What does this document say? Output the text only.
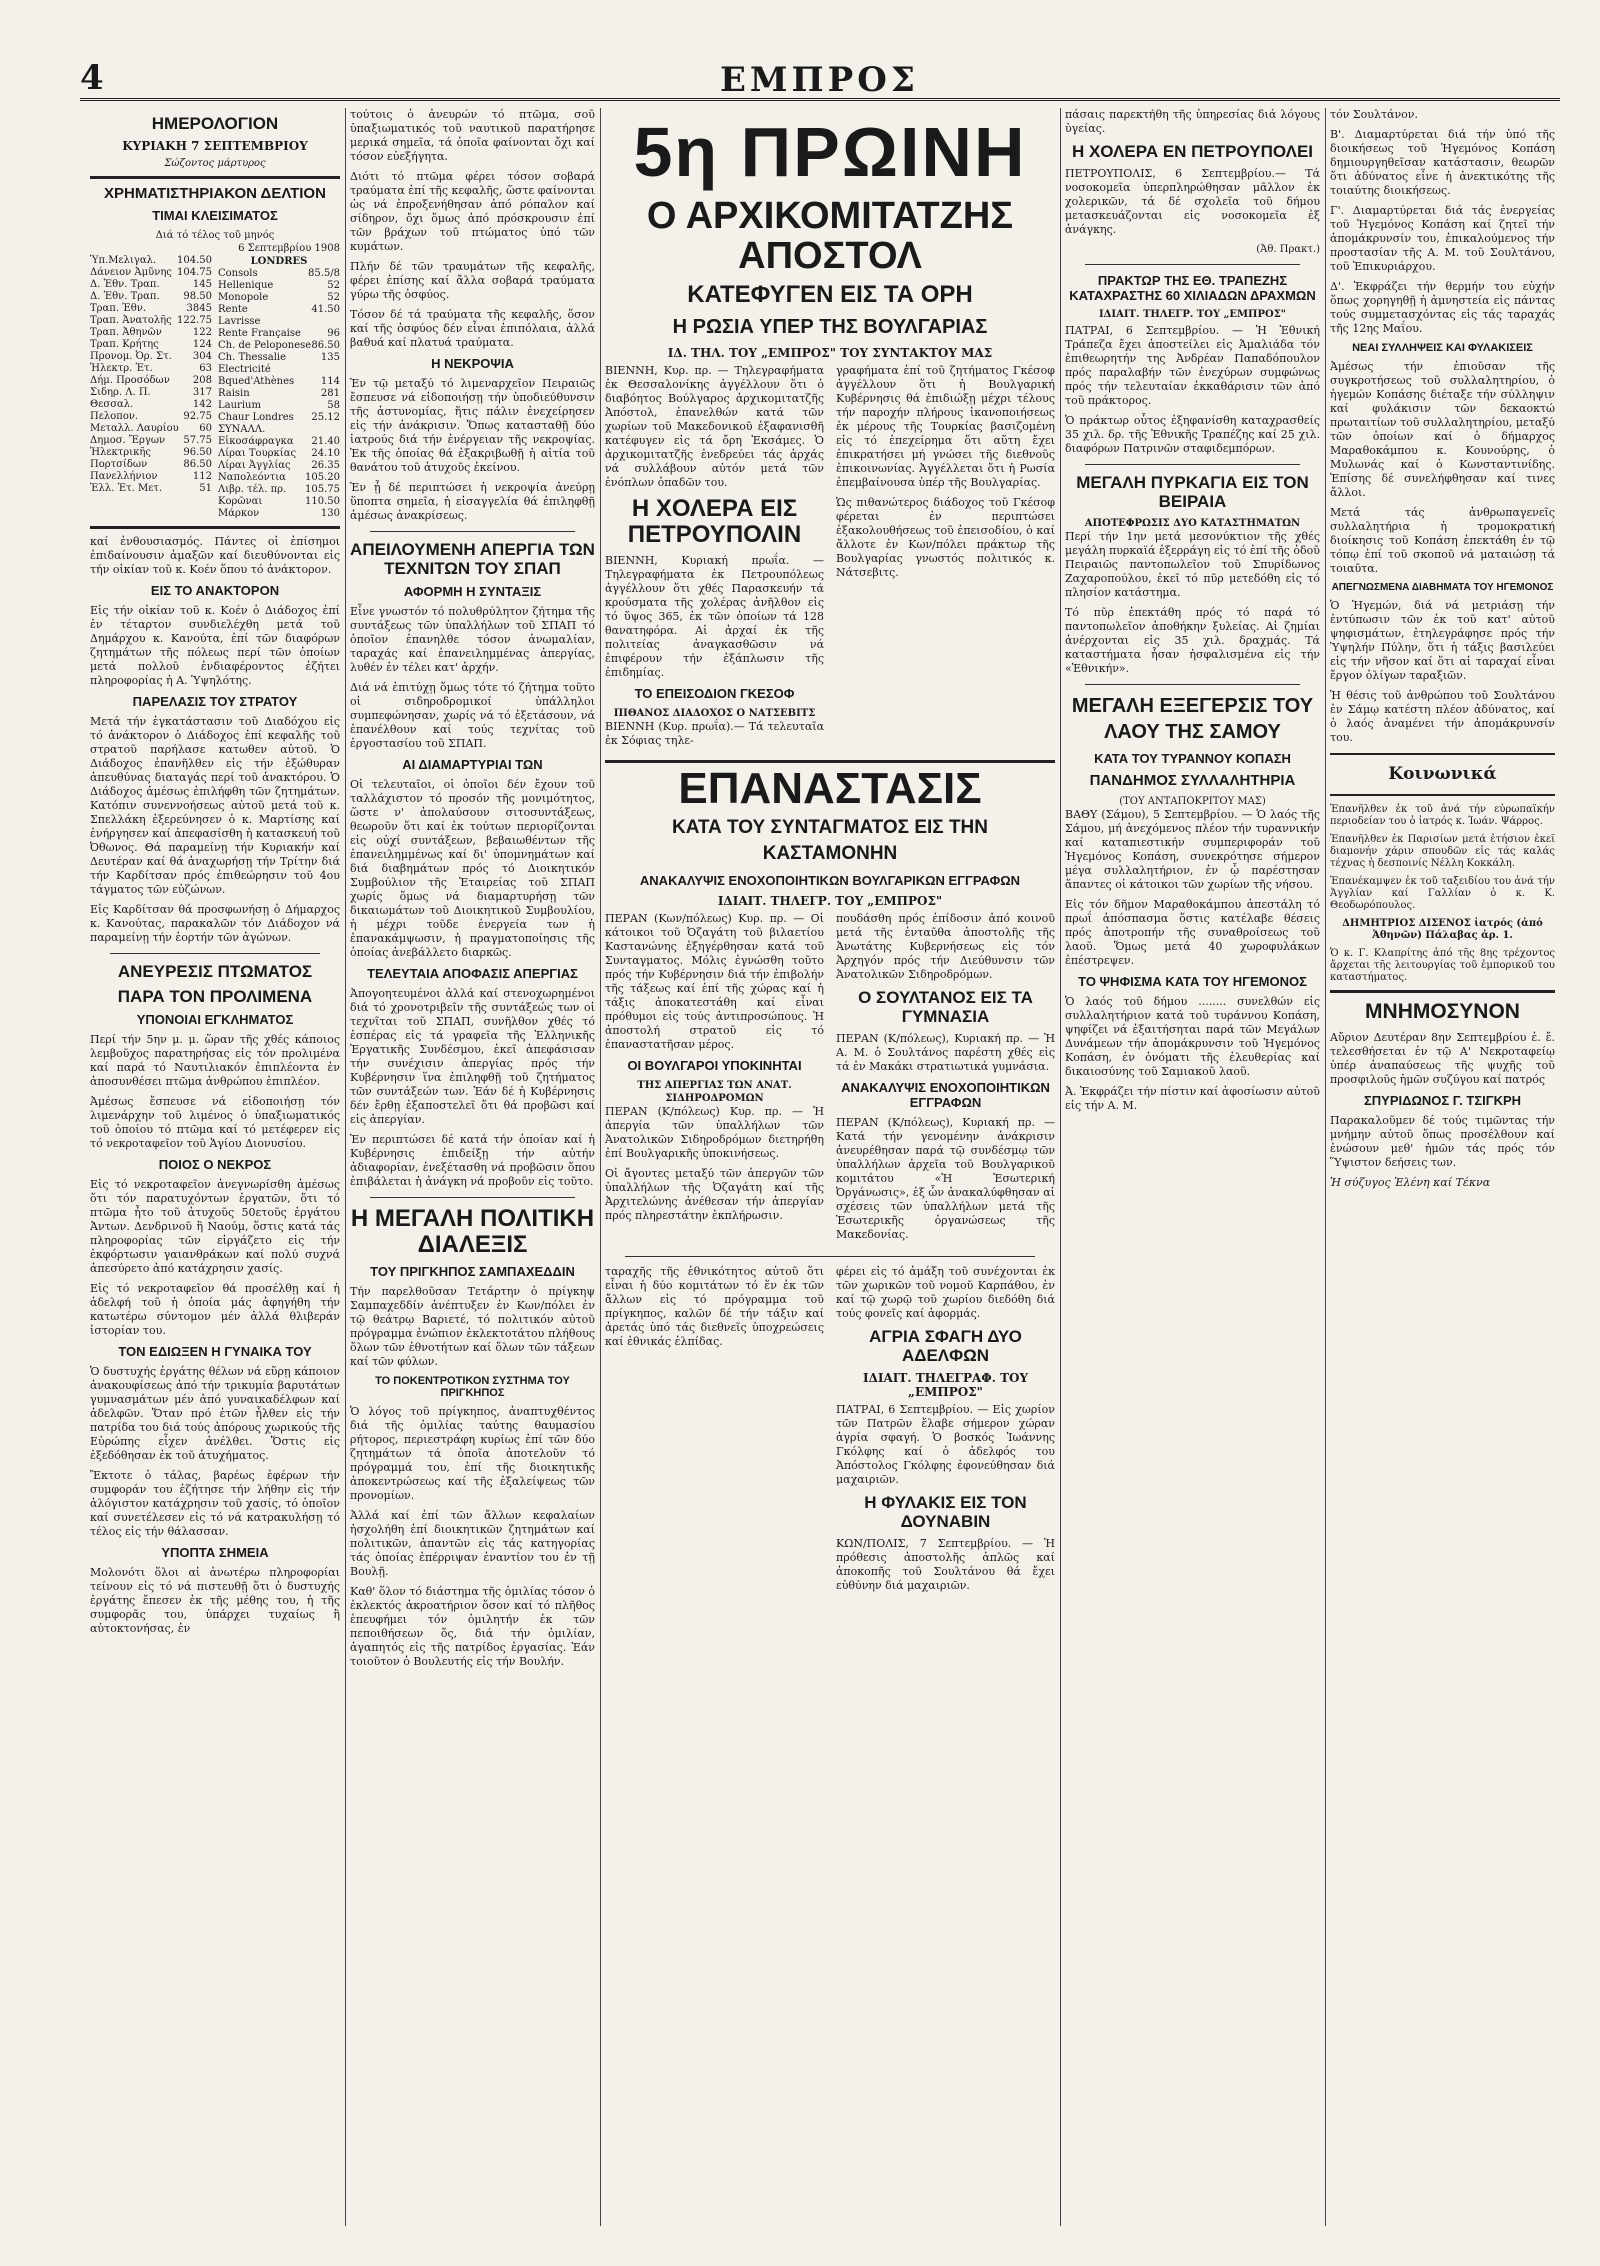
4	ΕΜΠΡΟΣ
ΗΜΕΡΟΛΟΓΙΟΝ
ΚΥΡΙΑΚΗ 7 ΣΕΠΤΕΜΒΡΙΟΥ
Σώζοντος μάρτυρος
ΧΡΗΜΑΤΙΣΤΗΡΙΑΚΟΝ ΔΕΛΤΙΟΝ
ΤΙΜΑΙ ΚΛΕΙΣΙΜΑΤΟΣ
Διά τό τέλος τοῦ μηνός
6 Σεπτεμβρίου 1908
Ὑπ.Μελιγαλ. 104.50
Δάνειον Ἀμῦνης 104.75
Δ. Ἐθν. Τραπ.	145
Δ. Ἐθν. Τραπ. 98.50
Τραπ. Ἐθν.	3845
Τραπ. Ἀνατολῆς 122.75
Τραπ. Ἀθηνῶν	122
Τραπ. Κρήτης	124
Προνομ. Ὀρ. Στ. 304
Ἠλεκτρ. Ἐτ.	63
Δήμ. Προσόδων 208
Σιδηρ. Λ. Π.	317
Θεσσαλ.	142
Πελοπον.	92.75
Μεταλλ. Λαυρίου 60
Δημοσ. Ἔργων 57.75
Ἠλεκτρικῆς	96.50
Πορτσίδων	86.50
Πανελλήνιον	112
Ἐλλ. Ἐτ. Μετ.	51
LONDRES
Consols	85.5/8
Hellenique	52
Monopole	52
Rente	41.50
Lavrisse
Rente Française	96
Ch. de Peloponese 86.50
Ch. Thessalie	135
Electricité
Bqued'Athènes	114
Raisin	281
Laurium	58
Chaur Londres 25.12
ΣΥΝΑΛΛ.
Εἰκοσάφραγκα 21.40
Λίραι Τουρκίας 24.10
Λίραι Ἀγγλίας 26.35
Ναπολεόντια 105.20
Λιβρ. τέλ. πρ. 105.75
Κορῶναι	110.50
Μάρκον	130

καί ἐνθουσιασμός. Πάντες οἱ ἐπίσημοι ἐπιδαίνουσιν ἁμαξῶν καί διευθύνονται εἰς τήν οἰκίαν τοῦ κ. Κοέν ὅπου τό ἀνάκτορον.

ΕΙΣ ΤΟ ΑΝΑΚΤΟΡΟΝ

Εἰς τήν οἰκίαν τοῦ κ. Κοέν ὁ Διάδοχος ἐπί ἐν τέταρτον συνδιελέχθη μετά τοῦ Δημάρχου κ. Κανούτα, ἐπί τῶν διαφόρων ζητημάτων τῆς πόλεως περί τῶν ὁποίων μετά πολλοῦ ἐνδιαφέροντος ἐζήτει πληροφορίας ἡ Α. Ὑψηλότης.

ΠΑΡΕΛΑΣΙΣ ΤΟΥ ΣΤΡΑΤΟΥ

Μετά τήν ἐγκατάστασιν τοῦ Διαδόχου εἰς τό ἀνάκτορον ὁ Διάδοχος ἐπί κεφαλῆς τοῦ στρατοῦ παρήλασε κατωθεν αὐτοῦ. Ὁ Διάδοχος ἐπανῆλθεν εἰς τήν ἐξώθυραν ἀπευθύνας διαταγάς περί τοῦ ἀνακτόρου. Ὁ Διάδοχος ἀμέσως ἐπιλήφθη τῶν ζητημάτων. Κατόπιν συνεννοήσεως αὐτοῦ μετά τοῦ κ. Σπελλάκη ἐξερεύνησεν ὁ κ. Μαρτίσης καί ἐνήργησεν καί ἀπεφασίσθη ἡ κατασκευή τοῦ Ὀθωνος. Θά παραμείνῃ τήν Κυριακήν καί Δευτέραν καί θά ἀναχωρήσῃ τήν Τρίτην διά τήν Καρδίτσαν πρός ἐπιθεώρησιν τοῦ 4ου τάγματος τῶν εὐζώνων.

Εἰς Καρδίτσαν θά προσφωνήσῃ ὁ Δήμαρχος κ. Κανούτας, παρακαλῶν τόν Διάδοχον νά παραμείνῃ τήν ἑορτήν τῶν ἀγώνων.

ΑΝΕΥΡΕΣΙΣ ΠΤΩΜΑΤΟΣ
ΠΑΡΑ ΤΟΝ ΠΡΟΛΙΜΕΝΑ
ΥΠΟΝΟΙΑΙ ΕΓΚΛΗΜΑΤΟΣ

Περί τήν 5ην μ. μ. ὥραν τῆς χθές κάποιος λεμβοῦχος παρατηρήσας εἰς τόν προλιμένα καί παρά τό Ναυτιλιακόν ἐπιπλέοντα ἐν ἀποσυνθέσει πτῶμα ἀνθρώπου ἐπιπλέον.

Ἀμέσως ἔσπευσε νά εἰδοποιήσῃ τόν λιμενάρχην τοῦ λιμένος ὁ ὑπαξιωματικός τοῦ ὁποίου τό πτῶμα καί τό μετέφερεν εἰς τό νεκροταφεῖον τοῦ Ἁγίου Διονυσίου.

ΠΟΙΟΣ Ο ΝΕΚΡΟΣ

Εἰς τό νεκροταφεῖον ἀνεγνωρίσθη ἀμέσως ὅτι τόν παρατυχόντων ἐργατῶν, ὅτι τό πτῶμα ἦτο τοῦ ἀτυχοῦς 50ετοῦς ἐργάτου Ἀντων. Δενδρινοῦ ἢ Ναούμ, ὅστις κατά τάς πληροφορίας τῶν εἰργάζετο εἰς τήν ἐκφόρτωσιν γαιανθράκων καί πολύ συχνά ἀπεσύρετο ἀπό κατάχρησιν χασίς.

Εἰς τό νεκροταφεῖον θά προσέλθῃ καί ἡ ἀδελφή τοῦ ἡ ὁποία μάς ἀφηγήθη τήν κατωτέρω σύντομον μέν ἀλλά θλιβεράν ἱστορίαν του.

ΤΟΝ ΕΔΙΩΞΕΝ Η ΓΥΝΑΙΚΑ ΤΟΥ

Ὁ δυστυχής ἐργάτης θέλων νά εὕρῃ κάποιον ἀνακουφίσεως ἀπό τήν τρικυμία βαρυτάτων γυμνασμάτων μέν ἀπό γυναικαδέλφων καί ἀδελφῶν. Ὅταν πρό ἐτῶν ἦλθεν εἰς τήν πατρίδα του διά τούς ἀπόρους χωρικούς τῆς Εὐρώπης εἶχεν ἀνέλθει. Ὅστις εἰς ἐξεδόθησαν ἐκ τοῦ ἀτυχήματος.

Ἔκτοτε ὁ τάλας, βαρέως ἐφέρων τήν συμφοράν του ἐζήτησε τήν λήθην εἰς τήν ἀλόγιστον κατάχρησιν τοῦ χασίς, τό ὁποῖον καί συνετέλεσεν εἰς τό νά κατρακυλήσῃ τό τέλος εἰς τήν θάλασσαν.

ΥΠΟΠΤΑ ΣΗΜΕΙΑ

Μολονότι ὅλοι αἱ ἀνωτέρω πληροφορίαι τείνουν εἰς τό νά πιστευθῇ ὅτι ὁ δυστυχής ἐργάτης ἔπεσεν ἐκ τῆς μέθης του, ἡ τῆς συμφορᾶς του, ὑπάρχει τυχαίως ἢ αὐτοκτονήσας, ἐν

τούτοις ὁ ἀνευρών τό πτῶμα, σοῦ ὑπαξιωματικός τοῦ ναυτικοῦ παρατήρησε μερικά σημεῖα, τά ὁποῖα φαίνονται ὄχι καί τόσον εὐεξήγητα.

Διότι τό πτῶμα φέρει τόσον σοβαρά τραύματα ἐπί τῆς κεφαλῆς, ὥστε φαίνονται ὡς νά ἐπροξενήθησαν ἀπό ρόπαλον καί σίδηρον, ὄχι ὅμως ἀπό πρόσκρουσιν ἐπί τῶν βράχων τοῦ πτώματος ὑπό τῶν κυμάτων.

Πλήν δέ τῶν τραυμάτων τῆς κεφαλῆς, φέρει ἐπίσης καί ἄλλα σοβαρά τραύματα γύρω τῆς ὀσφύος.

Τόσον δέ τά τραύματα τῆς κεφαλῆς, ὅσον καί τῆς ὀσφύος δέν εἶναι ἐπιπόλαια, ἀλλά βαθυά καί πλατυά τραύματα.

Η ΝΕΚΡΟΨΙΑ

Ἐν τῷ μεταξύ τό λιμεναρχεῖον Πειραιῶς ἔσπευσε νά εἰδοποιήσῃ τήν ὑποδιεύθυνσιν τῆς ἀστυνομίας, ἥτις πάλιν ἐνεχείρησεν εἰς τήν ἀνάκρισιν. Ὅπως κατασταθῇ δύο ἰατρούς διά τήν ἐνέργειαν τῆς νεκροψίας. Ἐκ τῆς ὁποίας θά ἐξακριβωθῇ ἡ αἰτία τοῦ θανάτου τοῦ ἀτυχοῦς ἐκείνου.

Ἐν ᾗ δέ περιπτώσει ἡ νεκροψία ἀνεύρῃ ὕποπτα σημεῖα, ἡ εἰσαγγελία θά ἐπιληφθῇ ἀμέσως ἀνακρίσεως.

ΑΠΕΙΛΟΥΜΕΝΗ ΑΠΕΡΓΙΑ ΤΩΝ ΤΕΧΝΙΤΩΝ ΤΟΥ ΣΠΑΠ
ΑΦΟΡΜΗ Η ΣΥΝΤΑΞΙΣ

Εἶνε γνωστόν τό πολυθρύλητον ζήτημα τῆς συντάξεως τῶν ὑπαλλήλων τοῦ ΣΠΑΠ τό ὁποῖον ἐπανηλθε τόσον ἀνωμαλίαν, ταραχάς καί ἐπανειλημμένας ἀπεργίας, λυθέν ἐν τέλει κατ' ἀρχήν.

Διά νά ἐπιτύχῃ ὅμως τότε τό ζήτημα τοῦτο οἱ σιδηροδρομικοί ὑπάλληλοι συμπεφώνησαν, χωρίς νά τό ἐξετάσουν, νά ἐπανέλθουν καί τούς τεχνίτας τοῦ ἐργοστασίου τοῦ ΣΠΑΠ.

ΑΙ ΔΙΑΜΑΡΤΥΡΙΑΙ ΤΩΝ

Οἱ τελευταῖοι, οἱ ὁποῖοι δέν ἔχουν τοῦ ταλλάχιστον τό προσόν τῆς μονιμότητος, ὥστε ν' ἀπολαύσουν σιτοσυντάξεως, θεωροῦν ὅτι καί ἐκ τούτων περιορίζονται εἰς οὐχί συντάξεων, βεβαιωθέντων τῆς ἐπανειλημμένως καί δι' ὑπομνημάτων καί διά διαβημάτων πρός τό Διοικητικόν Συμβούλιον τῆς Ἑταιρείας τοῦ ΣΠΑΠ χωρίς ὅμως νά διαμαρτυρήσῃ τῶν δικαιωμάτων τοῦ Διοικητικοῦ Συμβουλίου, ἡ μέχρι τοῦδε ἐνεργεία των ἡ ἐπανακάμψωσιν, ἡ πραγματοποίησις τῆς ὁποίας ἀνεβάλλετο διαρκῶς.

ΤΕΛΕΥΤΑΙΑ ΑΠΟΦΑΣΙΣ ΑΠΕΡΓΙΑΣ

Ἀπογοητευμένοι ἀλλά καί στενοχωρημένοι διά τό χρονοτριβεῖν τῆς συντάξεώς των οἱ τεχνῖται τοῦ ΣΠΑΠ, συνῆλθον χθές τό ἑσπέρας εἰς τά γραφεῖα τῆς Ἐλληνικῆς Ἐργατικῆς Συνδέσμου, ἐκεῖ ἀπεφάσισαν τήν συνέχισιν ἀπεργίας πρός τήν Κυβέρνησιν ἵνα ἐπιληφθῇ τοῦ ζητήματος τῶν συντάξεών των. Ἐάν δέ ἡ Κυβέρνησις δέν ἔρθῃ ἐξαποστελεῖ ὅτι θά προβῶσι καί εἰς ἀπεργίαν.

Ἐν περιπτώσει δέ κατά τήν ὁποίαν καί ἡ Κυβέρνησις ἐπιδείξῃ τήν αὐτήν ἀδιαφορίαν, ἐνεξέτασθη νά προβῶσιν ὅπου ἐπιβάλεται ἡ ἀνάγκη νά προβοῦν εἰς τοῦτο.

Η ΜΕΓΑΛΗ ΠΟΛΙΤΙΚΗ ΔΙΑΛΕΞΙΣ
ΤΟΥ ΠΡΙΓΚΗΠΟΣ ΣΑΜΠΑΧΕΔΔΙΝ

Τήν παρελθοῦσαν Τετάρτην ὁ πρίγκηψ Σαμπαχεδδίν ἀνέπτυξεν ἐν Κων/πόλει ἐν τῷ θεάτρῳ Βαριετέ, τό πολιτικόν αὐτοῦ πρόγραμμα ἐνώπιον ἐκλεκτοτάτου πλήθους ὅλων τῶν ἐθνοτήτων καί ὅλων τῶν τάξεων καί τῶν φύλων.

ΤΟ ΠΟΚΕΝΤΡΟΤΙΚΟΝ ΣΥΣΤΗΜΑ ΤΟΥ ΠΡΙΓΚΗΠΟΣ

Ὁ λόγος τοῦ πρίγκηπος, ἀναπτυχθέντος διά τῆς ὁμιλίας ταύτης θαυμασίου ρήτορος, περιεστράφη κυρίως ἐπί τῶν δύο ζητημάτων τά ὁποῖα ἀποτελοῦν τό πρόγραμμά του, ἐπί τῆς διοικητικῆς ἀποκεντρώσεως καί τῆς ἐξαλείψεως τῶν προνομίων.

Ἀλλά καί ἐπί τῶν ἄλλων κεφαλαίων ἠσχολήθη ἐπί διοικητικῶν ζητημάτων καί πολιτικῶν, ἀπαντῶν εἰς τάς κατηγορίας τάς ὁποίας ἐπέρριψαν ἐναντίον του ἐν τῇ Βουλῇ.

Καθ' ὅλον τό διάστημα τῆς ὁμιλίας τόσον ὁ ἐκλεκτός ἀκροατήριον ὅσον καί τό πλῆθος ἐπευφήμει τόν ὁμιλητήν ἐκ τῶν πεποιθήσεων ὅς, διά τήν ὁμιλίαν, ἀγαπητός εἰς τῆς πατρίδος ἐργασίας. Ἐάν τοιοῦτον ὁ Βουλευτής εἰς τήν Βουλήν.

5η ΠΡΩΙΝΗ
Ο ΑΡΧΙΚΟΜΙΤΑΤΖΗΣ ΑΠΟΣΤΟΛ
ΚΑΤΕΦΥΓΕΝ ΕΙΣ ΤΑ ΟΡΗ
Η ΡΩΣΙΑ ΥΠΕΡ ΤΗΣ ΒΟΥΛΓΑΡΙΑΣ
ΙΔ. ΤΗΛ. ΤΟΥ „ΕΜΠΡΟΣ" ΤΟΥ ΣΥΝΤΑΚΤΟΥ ΜΑΣ

ΒΙΕΝΝΗ, Κυρ. πρ. — Τηλεγραφήματα ἐκ Θεσσαλονίκης ἀγγέλλουν ὅτι ὁ διαβόητος Βούλγαρος ἀρχικομιτατζῆς Ἀπόστολ, ἐπανελθών κατά τῶν χωρίων τοῦ Μακεδονικοῦ ἐξαφανισθῆ κατέφυγεν εἰς τά ὄρη Ἐκσάμες. Ὁ ἀρχικομιτατζῆς ἐνεδρεύει τάς ἀρχάς νά συλλάβουν αὐτόν μετά τῶν ἐνόπλων ὀπαδῶν του.

Η ΧΟΛΕΡΑ ΕΙΣ ΠΕΤΡΟΥΠΟΛΙΝ

ΒΙΕΝΝΗ, Κυριακή πρωΐα. — Τηλεγραφήματα ἐκ Πετρουπόλεως ἀγγέλλουν ὅτι χθές Παρασκευήν τά κρούσματα τῆς χολέρας ἀνῆλθον εἰς τό ὕψος 365, ἐκ τῶν ὁποίων τά 128 θανατηφόρα. Αἱ ἀρχαί ἐκ τῆς πολιτείας ἀναγκασθῶσιν νά ἐπιφέρουν τήν ἐξάπλωσιν τῆς ἐπιδημίας.

ΤΟ ΕΠΕΙΣΟΔΙΟΝ ΓΚΕΣΟΦ
ΠΙΘΑΝΟΣ ΔΙΑΔΟΧΟΣ Ο ΝΑΤΣΕΒΙΤΣ

ΒΙΕΝΝΗ (Κυρ. πρωΐα).— Τά τελευταῖα ἐκ Σόφιας τηλε-

γραφήματα ἐπί τοῦ ζητήματος Γκέσοφ ἀγγέλλουν ὅτι ἡ Βουλγαρική Κυβέρνησις θά ἐπιδιώξῃ μέχρι τέλους τήν παροχήν πλήρους ἱκανοποιήσεως ἐκ μέρους τῆς Τουρκίας βασιζομένη εἰς τό ἐπεχείρημα ὅτι αὕτη ἔχει ἐπικρατήσει μή γνώσει τῆς διεθνοῦς ἐπικοινωνίας. Ἀγγέλλεται ὅτι ἡ Ρωσία ἐπεμβαίνουσα ὑπέρ τῆς Βουλγαρίας.

Ὡς πιθανώτερος διάδοχος τοῦ Γκέσοφ φέρεται ἐν περιπτώσει ἐξακολουθήσεως τοῦ ἐπεισοδίου, ὁ καί ἄλλοτε ἐν Κων/πόλει πράκτωρ τῆς Βουλγαρίας γνωστός πολιτικός κ. Νάτσεβιτς.

ΕΠΑΝΑΣΤΑΣΙΣ
ΚΑΤΑ ΤΟΥ ΣΥΝΤΑΓΜΑΤΟΣ ΕΙΣ ΤΗΝ ΚΑΣΤΑΜΟΝΗΝ
ΑΝΑΚΑΛΥΨΙΣ ΕΝΟΧΟΠΟΙΗΤΙΚΩΝ ΒΟΥΛΓΑΡΙΚΩΝ ΕΓΓΡΑΦΩΝ
ΙΔΙΑΙΤ. ΤΗΛΕΓΡ. ΤΟΥ „ΕΜΠΡΟΣ"

ΠΕΡΑΝ (Κων/πόλεως) Κυρ. πρ. — Οἱ κάτοικοι τοῦ Ὀζαγάτη τοῦ βιλαετίου Καστανώνης ἐξηγέρθησαν κατά τοῦ Συνταγματος. Μόλις ἐγνώσθη τοῦτο πρός τήν Κυβέρνησιν διά τήν ἐπιβολήν τῆς τάξεως καί ἐπί τῆς χώρας καί ἡ τάξις ἀποκατεστάθη καί εἶναι πρόθυμοι εἰς τούς ἀντιπροσώπους. Ἡ ἀποστολή στρατοῦ εἰς τό ἐπαναστατῆσαν μέρος.

ΟΙ ΒΟΥΛΓΑΡΟΙ ΥΠΟΚΙΝΗΤΑΙ
ΤΗΣ ΑΠΕΡΓΙΑΣ ΤΩΝ ΑΝΑΤ. ΣΙΔΗΡΟΔΡΟΜΩΝ

ΠΕΡΑΝ (Κ/πόλεως) Κυρ. πρ. — Ἡ ἀπεργία τῶν ὑπαλλήλων τῶν Ἀνατολικῶν Σιδηροδρόμων διετηρήθη ἐπί Βουλγαρικῆς ὑποκινήσεως.

Οἱ ἄγοντες μεταξύ τῶν ἀπεργῶν τῶν ὑπαλλήλων τῆς Ὀζαγάτη καί τῆς Ἀρχιτελώνης ἀνέθεσαν τήν ἀπεργίαν πρός πληρεστάτην ἐκπλήρωσιν.

πουδάσθη πρός ἐπίδοσιν ἀπό κοινοῦ μετά τῆς ἐνταῦθα ἀποστολῆς τῆς Ἀνωτάτης Κυβερνήσεως εἰς τόν Ἀρχηγόν πρός τήν Διεύθυνσιν τῶν Ἀνατολικῶν Σιδηροδρόμων.

Ο ΣΟΥΛΤΑΝΟΣ ΕΙΣ ΤΑ ΓΥΜΝΑΣΙΑ

ΠΕΡΑΝ (Κ/πόλεως), Κυριακή πρ. — Ἡ Α. Μ. ὁ Σουλτάνος παρέστη χθές εἰς τά ἐν Μακάκι στρατιωτικά γυμνάσια.

ΑΝΑΚΑΛΥΨΙΣ ΕΝΟΧΟΠΟΙΗΤΙΚΩΝ ΕΓΓΡΑΦΩΝ

ΠΕΡΑΝ (Κ/πόλεως), Κυριακή πρ. — Κατά τήν γενομένην ἀνάκρισιν ἀνευρέθησαν παρά τῷ συνδέσμῳ τῶν ὑπαλλήλων ἀρχεῖα τοῦ Βουλγαρικοῦ κομιτάτου «Ἡ Ἐσωτερική Ὀργάνωσις», ἐξ ὧν ἀνακαλύφθησαν αἱ σχέσεις τῶν ὑπαλλήλων μετά τῆς Ἐσωτερικῆς ὀργανώσεως τῆς Μακεδονίας.

ταραχῆς τῆς ἐθνικότητος αὐτοῦ ὅτι εἶναι ἡ δύο κομιτάτων τό ἕν ἐκ τῶν ἄλλων εἰς τό πρόγραμμα τοῦ πρίγκηπος, καλῶν δέ τήν τάξιν καί ἀρετάς ὑπό τάς διεθνεῖς ὑποχρεώσεις καί ἐθνικάς ἐλπίδας.

φέρει εἰς τό ἀμάξη τοῦ συνέχονται ἐκ τῶν χωρικῶν τοῦ νομοῦ Καρπάθου, ἐν καί τῷ χωρῷ τοῦ χωρίου διεδόθη διά τούς φονεῖς καί ἀφορμάς.

ΑΓΡΙΑ ΣΦΑΓΗ ΔΥΟ ΑΔΕΛΦΩΝ
ΙΔΙΑΙΤ. ΤΗΛΕΓΡΑΦ. ΤΟΥ „ΕΜΠΡΟΣ"

ΠΑΤΡΑΙ, 6 Σεπτεμβρίου. — Εἰς χωρίον τῶν Πατρῶν ἔλαβε σήμερον χώραν ἀγρία σφαγή. Ὁ βοσκός Ἰωάννης Γκόλφης καί ὁ ἀδελφός του Ἀπόστολος Γκόλφης ἐφονεύθησαν διά μαχαιριῶν.

Η ΦΥΛΑΚΙΣ ΕΙΣ ΤΟΝ ΔΟΥΝΑΒΙΝ

ΚΩΝ/ΠΟΛΙΣ, 7 Σεπτεμβρίου. — Ἡ πρόθεσις ἀποστολῆς ἁπλῶς καί ἀποκοπῆς τοῦ Σουλτάνου θά ἔχει εὐθύνην διά μαχαιριῶν.

πάσαις παρεκτήθη τῆς ὑπηρεσίας διά λόγους ὑγείας.

Η ΧΟΛΕΡΑ ΕΝ ΠΕΤΡΟΥΠΟΛΕΙ

ΠΕΤΡΟΥΠΟΛΙΣ, 6 Σεπτεμβρίου.— Τά νοσοκομεῖα ὑπερπληρώθησαν μᾶλλον ἐκ χολερικῶν, τά δέ σχολεῖα τοῦ δήμου μετασκευάζονται εἰς νοσοκομεῖα ἐξ ἀνάγκης.

(Ἀθ. Πρακτ.)
ΠΡΑΚΤΩΡ ΤΗΣ ΕΘ. ΤΡΑΠΕΖΗΣ ΚΑΤΑΧΡΑΣΤΗΣ 60 ΧΙΛΙΑΔΩΝ ΔΡΑΧΜΩΝ
ΙΔΙΑΙΤ. ΤΗΛΕΓΡ. ΤΟΥ „ΕΜΠΡΟΣ"

ΠΑΤΡΑΙ, 6 Σεπτεμβρίου. — Ἡ Ἐθνική Τράπεζα ἔχει ἀποστείλει εἰς Ἀμαλιάδα τόν ἐπιθεωρητήν της Ἀνδρέαν Παπαδόπουλον πρός παραλαβήν τῶν ἐνεχύρων συμφώνως πρός τήν τελευταίαν ἐκκαθάρισιν τῶν ἀπό τοῦ πράκτορος.

Ὁ πράκτωρ οὗτος ἐξηφανίσθη καταχρασθείς 35 χιλ. δρ. τῆς Ἐθνικῆς Τραπέζης καί 25 χιλ. διαφόρων Πατρινῶν σταφιδεμπόρων.

ΜΕΓΑΛΗ ΠΥΡΚΑΓΙΑ ΕΙΣ ΤΟΝ ΒΕΙΡΑΙΑ
ΑΠΟΤΕΦΡΩΣΙΣ ΔΥΟ ΚΑΤΑΣΤΗΜΑΤΩΝ

Περί τήν 1ην μετά μεσονύκτιον τῆς χθές μεγάλη πυρκαϊά ἐξερράγη εἰς τό ἐπί τῆς ὁδοῦ Πειραιῶς παντοπωλεῖον τοῦ Σπυρίδωνος Ζαχαροπούλου, ἐκεῖ τό πῦρ μετεδόθη εἰς τό πλησίον κατάστημα.

Τό πῦρ ἐπεκτάθη πρός τό παρά τό παντοπωλεῖον ἀποθήκην ξυλείας. Αἱ ζημίαι ἀνέρχονται εἰς 35 χιλ. δραχμάς. Τά καταστήματα ἦσαν ἠσφαλισμένα εἰς τήν «Ἐθνικήν».

ΜΕΓΑΛΗ ΕΞΕΓΕΡΣΙΣ ΤΟΥ ΛΑΟΥ ΤΗΣ ΣΑΜΟΥ
ΚΑΤΑ ΤΟΥ ΤΥΡΑΝΝΟΥ ΚΟΠΑΣΗ
ΠΑΝΔΗΜΟΣ ΣΥΛΛΑΛΗΤΗΡΙΑ
(ΤΟΥ ΑΝΤΑΠΟΚΡΙΤΟΥ ΜΑΣ)

ΒΑΘΥ (Σάμου), 5 Σεπτεμβρίου. — Ὁ λαός τῆς Σάμου, μή ἀνεχόμενος πλέον τήν τυραννικήν καί καταπιεστικήν συμπεριφοράν τοῦ Ἡγεμόνος Κοπάση, συνεκρότησε σήμερον μέγα συλλαλητήριον, ἐν ᾧ παρέστησαν ἅπαντες οἱ κάτοικοι τῶν χωρίων τῆς νήσου.

Εἰς τόν δῆμον Μαραθοκάμπου ἀπεστάλη τό πρωΐ ἀπόσπασμα ὅστις κατέλαβε θέσεις πρός ἀποτροπήν τῆς συναθροίσεως τοῦ λαοῦ. Ὅμως μετά 40 χωροφυλάκων ἐπέστρεψεν.

ΤΟ ΨΗΦΙΣΜΑ ΚΑΤΑ ΤΟΥ ΗΓΕΜΟΝΟΣ

Ὁ λαός τοῦ δήμου ........ συνελθών εἰς συλλαλητήριον κατά τοῦ τυράννου Κοπάση, ψηφίζει νά ἐξαιτήσηται παρά τῶν Μεγάλων Δυνάμεων τήν ἀπομάκρυνσιν τοῦ Ἡγεμόνος Κοπάση, ἐν ὀνόματι τῆς ἐλευθερίας καί δικαιοσύνης τοῦ Σαμιακοῦ λαοῦ.

Ἀ. Ἐκφράζει τήν πίστιν καί ἀφοσίωσιν αὐτοῦ εἰς τήν Α. Μ.

τόν Σουλτάνον.

Β'. Διαμαρτύρεται διά τήν ὑπό τῆς διοικήσεως τοῦ Ἡγεμόνος Κοπάση δημιουργηθεῖσαν κατάστασιν, θεωρῶν ὅτι ἀδύνατος εἶνε ἡ ἀνεκτικότης τῆς τοιαύτης διοικήσεως.

Γ'. Διαμαρτύρεται διά τάς ἐνεργείας τοῦ Ἡγεμόνος Κοπάση καί ζητεῖ τήν ἀπομάκρυνσίν του, ἐπικαλούμενος τήν προστασίαν τῆς Α. Μ. τοῦ Σουλτάνου, τοῦ Ἐπικυριάρχου.

Δ'. Ἐκφράζει τήν θερμήν του εὐχήν ὅπως χορηγηθῇ ἡ ἀμνηστεία εἰς πάντας τούς συμμετασχόντας εἰς τάς ταραχάς τῆς 12ης Μαΐου.

ΝΕΑΙ ΣΥΛΛΗΨΕΙΣ ΚΑΙ ΦΥΛΑΚΙΣΕΙΣ

Ἀμέσως τήν ἐπιοῦσαν τῆς συγκροτήσεως τοῦ συλλαλητηρίου, ὁ ἡγεμών Κοπάσης διέταξε τήν σύλληψιν καί φυλάκισιν τῶν δεκαοκτώ πρωταιτίων τοῦ συλλαλητηρίου, μεταξύ τῶν ὁποίων καί ὁ δήμαρχος Μαραθοκάμπου κ. Κουνούρης, ὁ Μυλωνάς καί ὁ Κωνσταντινίδης. Ἐπίσης δέ συνελήφθησαν καί τινες ἄλλοι.

Μετά τάς ἀνθρωπαγενεῖς συλλαλητήρια ἡ τρομοκρατική διοίκησις τοῦ Κοπάση ἐπεκτάθη ἐν τῷ τόπῳ ἐπί τοῦ σκοποῦ νά ματαιώσῃ τά τοιαῦτα.

ΑΠΕΓΝΩΣΜΕΝΑ ΔΙΑΒΗΜΑΤΑ ΤΟΥ ΗΓΕΜΟΝΟΣ

Ὁ Ἡγεμών, διά νά μετριάσῃ τήν ἐντύπωσιν τῶν ἐκ τοῦ κατ' αὐτοῦ ψηφισμάτων, ἐτηλεγράφησε πρός τήν Ὑψηλήν Πύλην, ὅτι ἡ τάξις βασιλεύει εἰς τήν νῆσον καί ὅτι αἱ ταραχαί εἶναι ἔργον ὀλίγων ταραξιῶν.

Ἡ θέσις τοῦ ἀνθρώπου τοῦ Σουλτάνου ἐν Σάμῳ κατέστη πλέον ἀδύνατος, καί ὁ λαός ἀναμένει τήν ἀπομάκρυνσίν του.

Κοινωνικά

Ἐπανῆλθεν ἐκ τοῦ ἀνά τήν εὐρωπαϊκήν περιοδείαν του ὁ ἰατρός κ. Ἰωάν. Ψάρρος.

Ἐπανῆλθεν ἐκ Παρισίων μετά ἐτήσιον ἐκεῖ διαμονήν χάριν σπουδῶν εἰς τάς καλάς τέχνας ἡ δεσποινίς Νέλλη Κοκκάλη.

Ἐπανέκαμψεν ἐκ τοῦ ταξειδίου του ἀνά τήν Ἀγγλίαν καί Γαλλίαν ὁ κ. Κ. Θεοδωρόπουλος.

ΔΗΜΗΤΡΙΟΣ ΔΙΣΕΝΟΣ ἰατρός (ἀπό Ἀθηνῶν) Πάλαβας ἀρ. 1.

Ὁ κ. Γ. Κλαπρίτης ἀπό τῆς 8ης τρέχοντος ἄρχεται τῆς λειτουργίας τοῦ ἐμπορικοῦ του καταστήματος.

ΜΝΗΜΟΣΥΝΟΝ

Αὔριον Δευτέραν 8ην Σεπτεμβρίου ἐ. ἔ. τελεσθήσεται ἐν τῷ Α' Νεκροταφείῳ ὑπέρ ἀναπαύσεως τῆς ψυχῆς τοῦ προσφιλοῦς ἡμῶν συζύγου καί πατρός

ΣΠΥΡΙΔΩΝΟΣ Γ. ΤΣΙΓΚΡΗ

Παρακαλοῦμεν δέ τούς τιμῶντας τήν μνήμην αὐτοῦ ὅπως προσέλθουν καί ἑνώσουν μεθ' ἡμῶν τάς πρός τόν Ὕψιστον δεήσεις των.

Ἡ σύζυγος Ἐλένη καί Τέκνα
